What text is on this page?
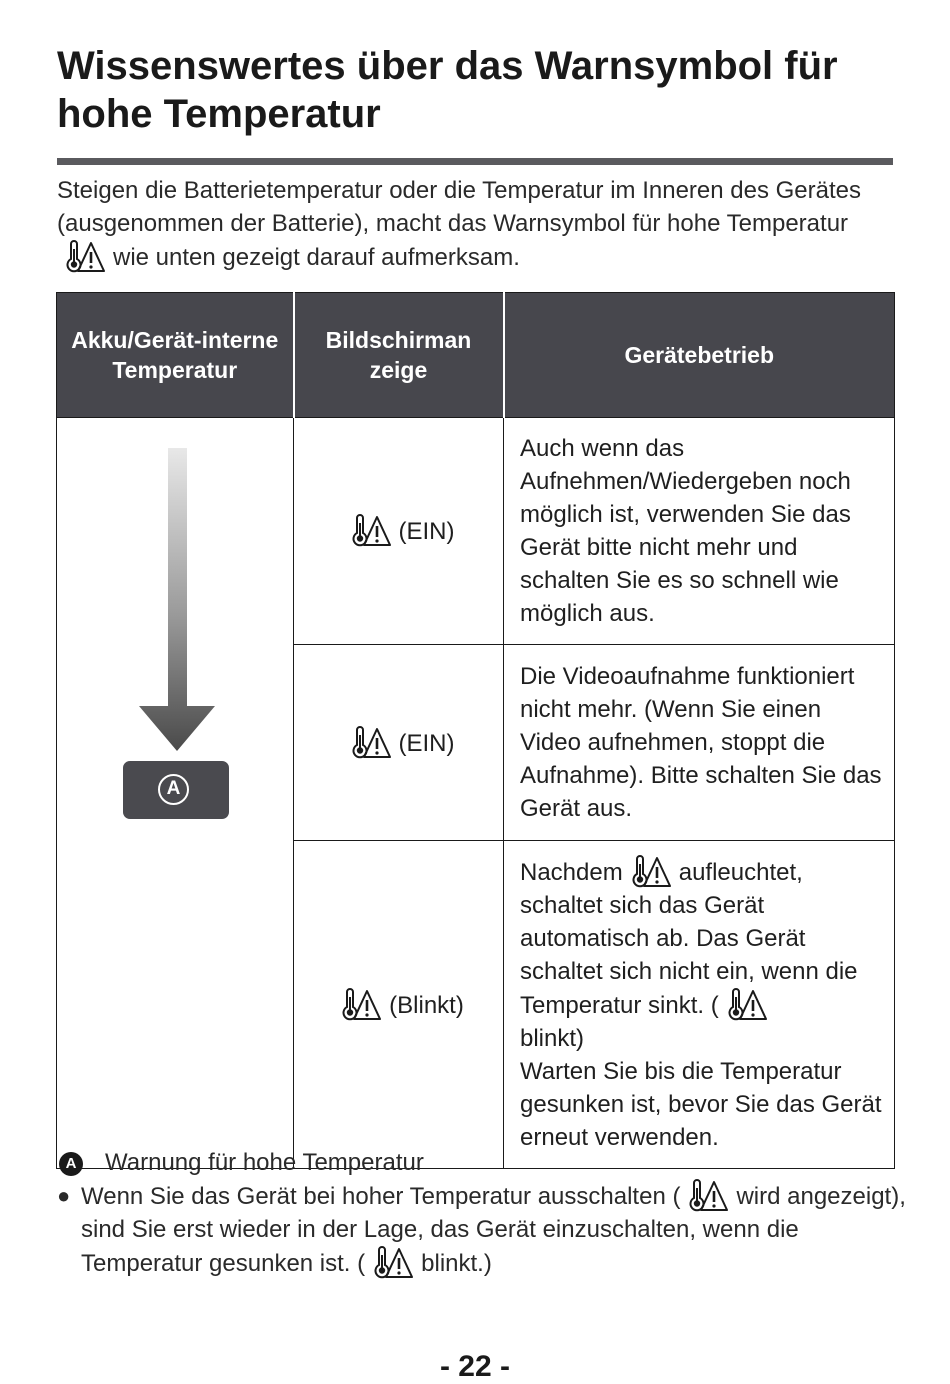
Wissenswertes über das Warnsymbol für hohe Temperatur
Steigen die Batterietemperatur oder die Temperatur im Inneren des Gerätes (ausgenommen der Batterie), macht das Warnsymbol für hohe Temperatur
wie unten gezeigt darauf aufmerksam.
Akku/Gerät-interne Temperatur	Bildschirman zeige	Gerätebetrieb

A	(EIN)	Auch wenn das Aufnehmen/Wiedergeben noch möglich ist, verwenden Sie das Gerät bitte nicht mehr und schalten Sie es so schnell wie möglich aus.

(EIN)	Die Videoaufnahme funktioniert nicht mehr. (Wenn Sie einen Video aufnehmen, stoppt die Aufnahme). Bitte schalten Sie das Gerät aus.

(Blinkt)	Nachdem aufleuchtet, schaltet sich das Gerät automatisch ab. Das Gerät schaltet sich nicht ein, wenn die Temperatur sinkt. (

blinkt)
Warten Sie bis die Temperatur gesunken ist, bevor Sie das Gerät erneut verwenden.
A Warnung für hohe Temperatur
● Wenn Sie das Gerät bei hoher Temperatur ausschalten ( wird angezeigt), sind Sie erst wieder in der Lage, das Gerät einzuschalten, wenn die Temperatur gesunken ist. ( blinkt.)
- 22 -
